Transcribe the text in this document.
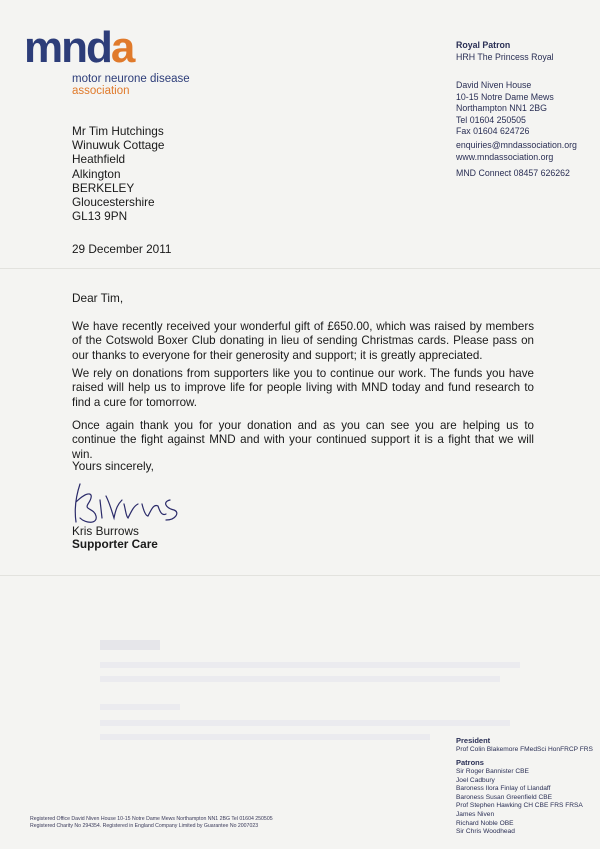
mnda
motor neurone disease
association
Royal Patron
HRH The Princess Royal
David Niven House
10-15 Notre Dame Mews
Northampton NN1 2BG
Tel 01604 250505
Fax 01604 624726
enquiries@mndassociation.org
www.mndassociation.org
MND Connect 08457 626262
Mr Tim Hutchings
Winuwuk Cottage
Heathfield
Alkington
BERKELEY
Gloucestershire
GL13 9PN
29 December 2011
Dear Tim,
We have recently received your wonderful gift of £650.00, which was raised by members of the Cotswold Boxer Club donating in lieu of sending Christmas cards. Please pass on our thanks to everyone for their generosity and support; it is greatly appreciated.
We rely on donations from supporters like you to continue our work. The funds you have raised will help us to improve life for people living with MND today and fund research to find a cure for tomorrow.
Once again thank you for your donation and as you can see you are helping us to continue the fight against MND and with your continued support it is a fight that we will win.
Yours sincerely,
Kris Burrows
Supporter Care
President
Prof Colin Blakemore FMedSci HonFRCP FRS
Patrons
Sir Roger Bannister CBE
Joel Cadbury
Baroness Ilora Finlay of Llandaff
Baroness Susan Greenfield CBE
Prof Stephen Hawking CH CBE FRS FRSA
James Niven
Richard Noble OBE
Sir Chris Woodhead
Registered Office David Niven House 10-15 Notre Dame Mews Northampton NN1 2BG Tel 01604 250505
Registered Charity No 294354. Registered in England Company Limited by Guarantee No 2007023
